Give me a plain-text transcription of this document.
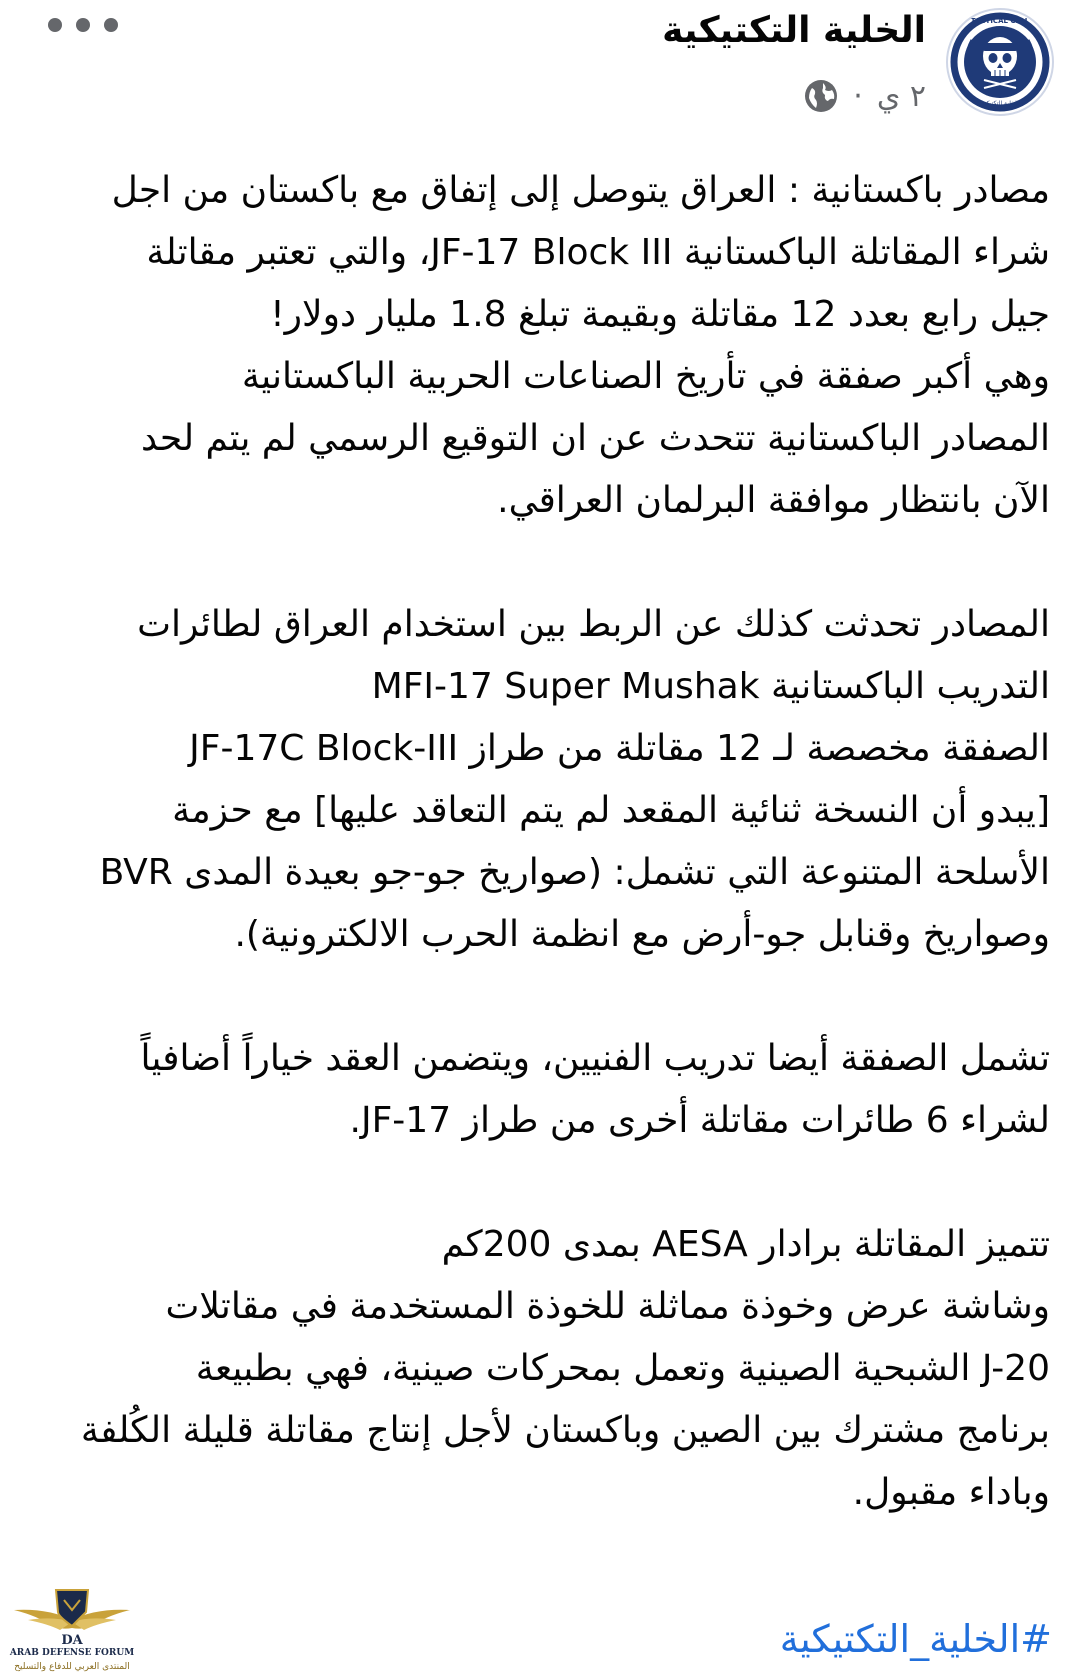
TACTICAL CELL
الخلية التكتيكية
الخلية التكتيكية
٢ ي
·

مصادر باكستانية : العراق يتوصل إلى إتفاق مع باكستان من اجل

شراء المقاتلة الباكستانية JF-17 Block III، والتي تعتبر مقاتلة

جيل رابع بعدد 12 مقاتلة وبقيمة تبلغ 1.8 مليار دولار!

وهي أكبر صفقة في تأريخ الصناعات الحربية الباكستانية

المصادر الباكستانية تتحدث عن ان التوقيع الرسمي لم يتم لحد

الآن بانتظار موافقة البرلمان العراقي.

المصادر تحدثت كذلك عن الربط بين استخدام العراق لطائرات

التدريب الباكستانية MFI-17 Super Mushak

الصفقة مخصصة لـ 12 مقاتلة من طراز JF-17C Block-III

[يبدو أن النسخة ثنائية المقعد لم يتم التعاقد عليها] مع حزمة

الأسلحة المتنوعة التي تشمل: (صواريخ جو-جو بعيدة المدى BVR

وصواريخ وقنابل جو-أرض مع انظمة الحرب الالكترونية).

تشمل الصفقة أيضا تدريب الفنيين، ويتضمن العقد خياراً أضافياً

لشراء 6 طائرات مقاتلة أخرى من طراز JF-17.

تتميز المقاتلة برادار AESA بمدى 200كم

وشاشة عرض وخوذة مماثلة للخوذة المستخدمة في مقاتلات

J-20 الشبحية الصينية وتعمل بمحركات صينية، فهي بطبيعة

برنامج مشترك بين الصين وباكستان لأجل إنتاج مقاتلة قليلة الكُلفة

وباداء مقبول.

#الخلية_التكتيكية
DA
ARAB DEFENSE FORUM
المنتدى العربي للدفاع والتسليح
